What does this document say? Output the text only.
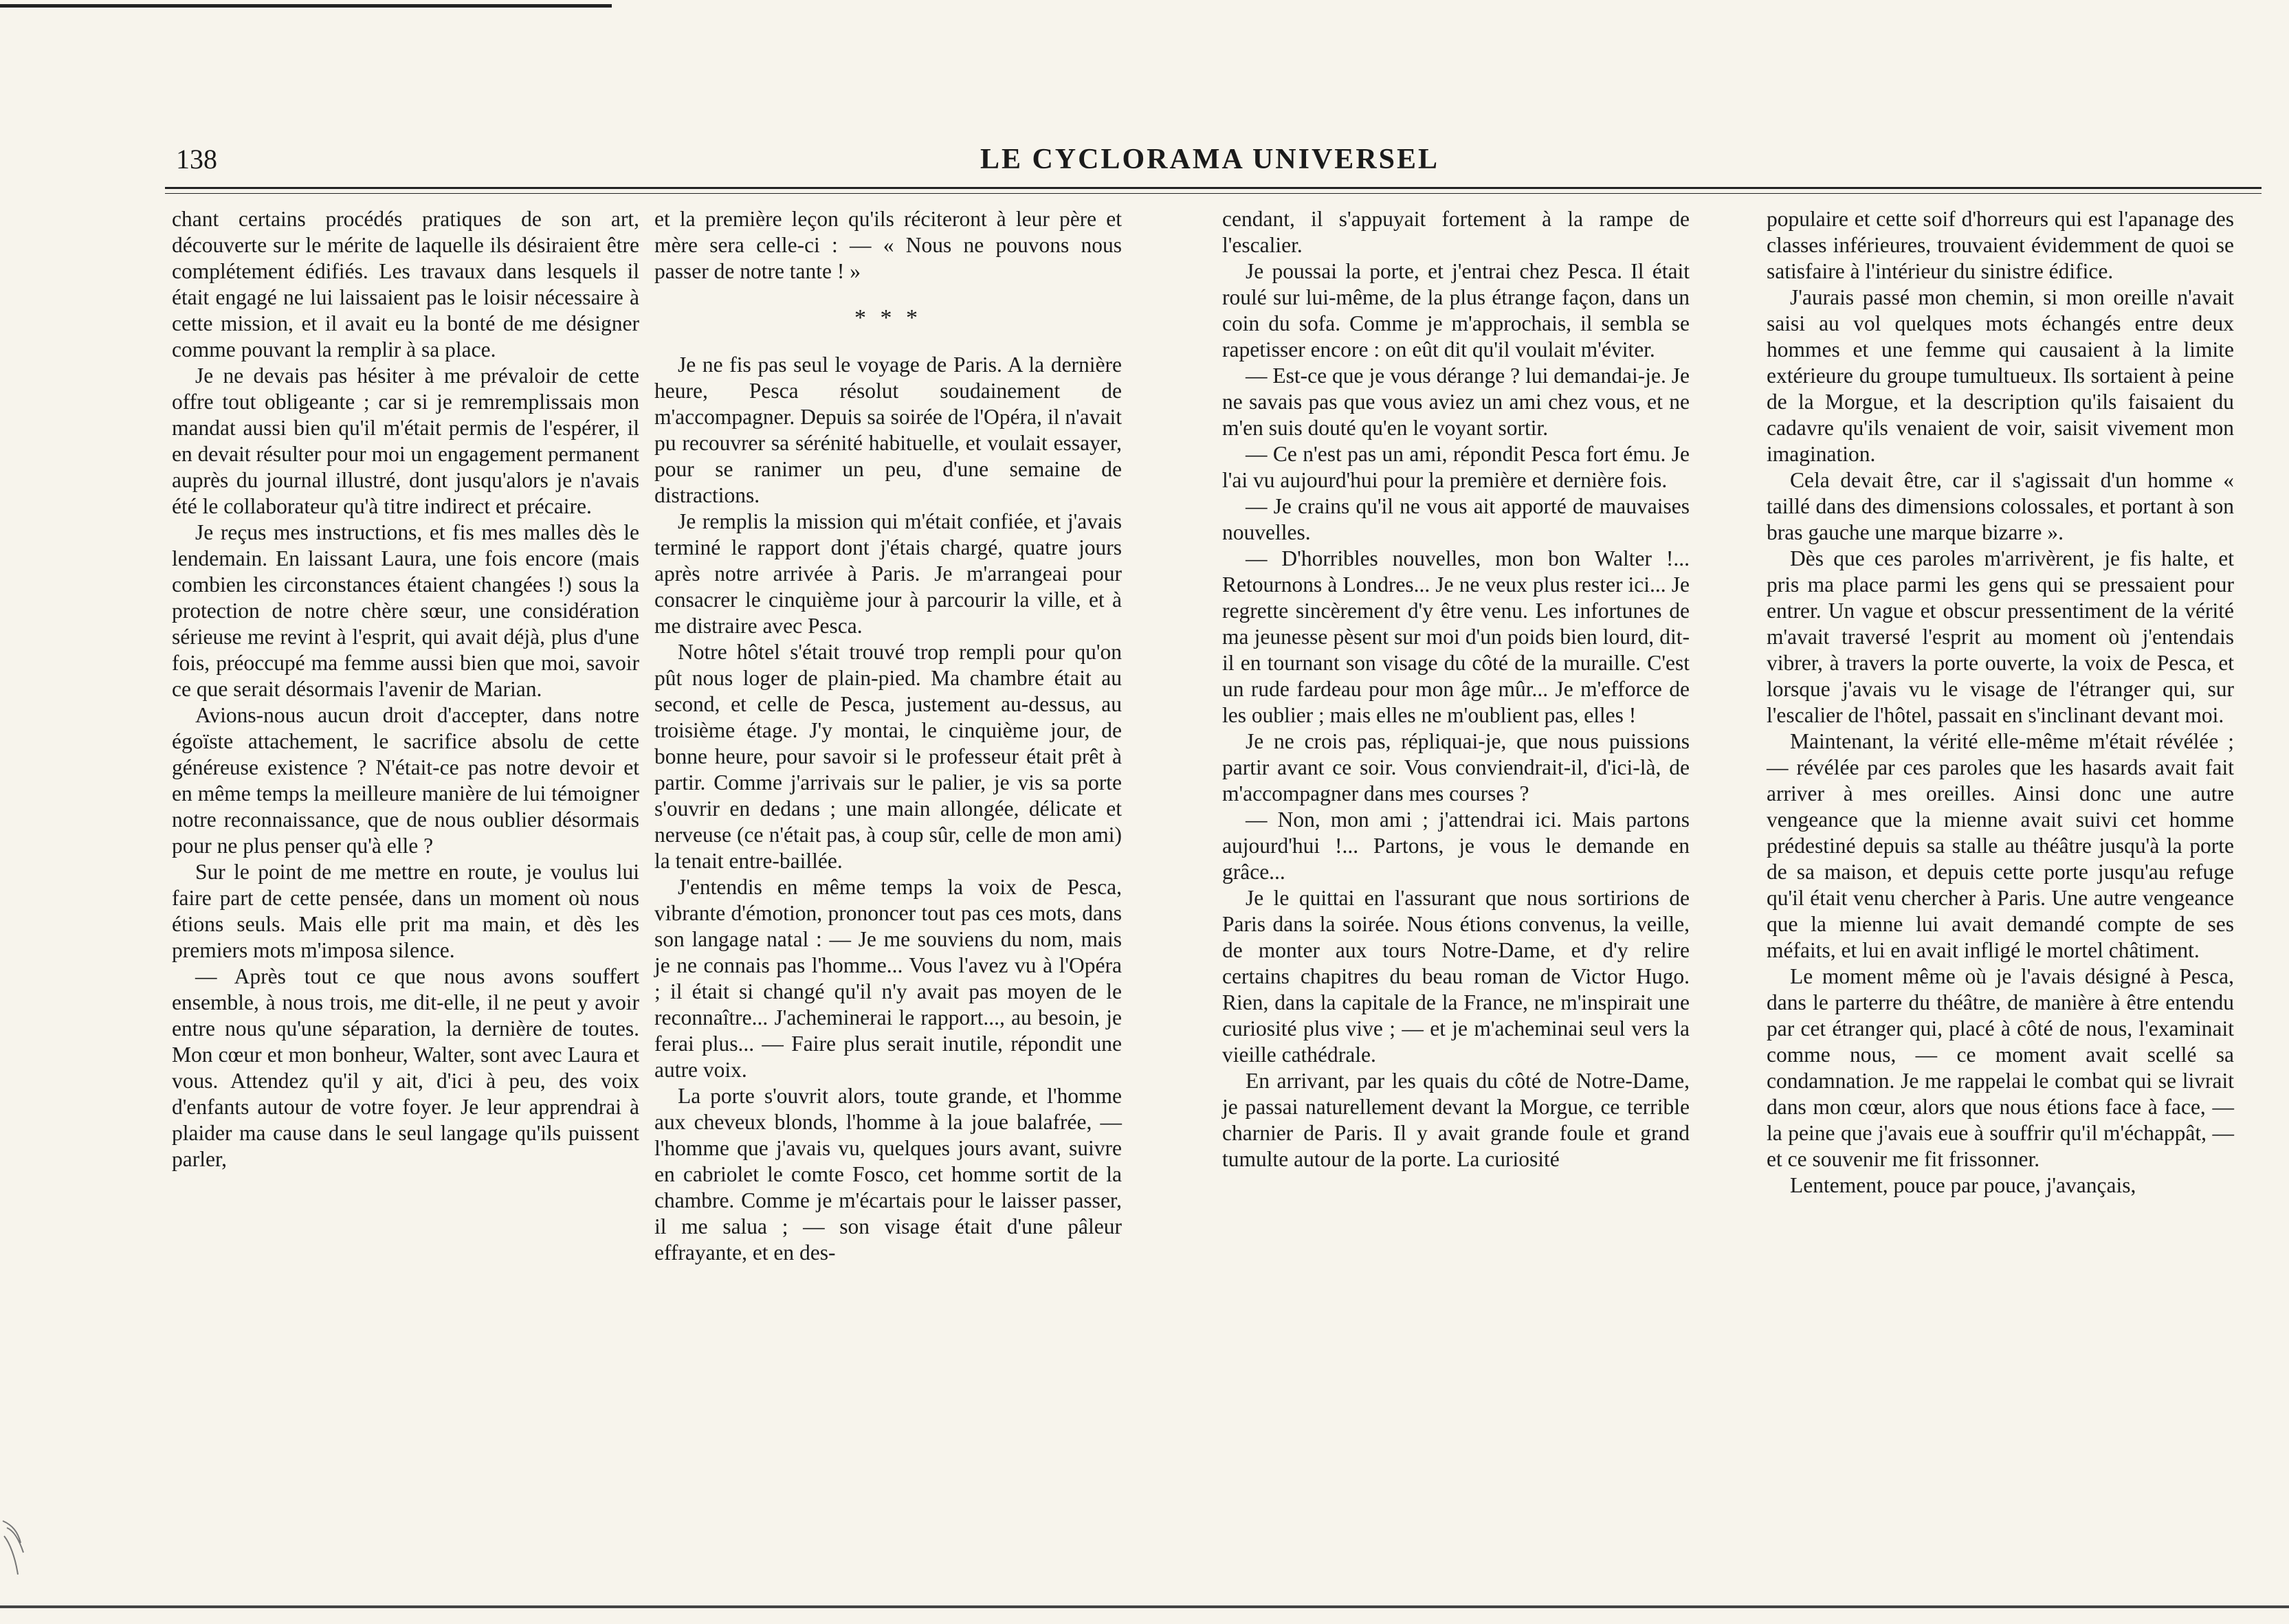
138	LE CYCLORAMA UNIVERSEL

chant certains procédés pratiques de son art, découverte sur le mérite de laquelle ils désiraient être complétement édifiés. Les travaux dans lesquels il était engagé ne lui laissaient pas le loisir nécessaire à cette mission, et il avait eu la bonté de me désigner comme pouvant la remplir à sa place.

Je ne devais pas hésiter à me prévaloir de cette offre tout obligeante ; car si je remremplissais mon mandat aussi bien qu'il m'était permis de l'espérer, il en devait résulter pour moi un engagement permanent auprès du journal illustré, dont jusqu'alors je n'avais été le collaborateur qu'à titre indirect et précaire.

Je reçus mes instructions, et fis mes malles dès le lendemain. En laissant Laura, une fois encore (mais combien les circonstances étaient changées !) sous la protection de notre chère sœur, une considération sérieuse me revint à l'esprit, qui avait déjà, plus d'une fois, préoccupé ma femme aussi bien que moi, savoir ce que serait désormais l'avenir de Marian.

Avions-nous aucun droit d'accepter, dans notre égoïste attachement, le sacrifice absolu de cette généreuse existence ? N'était-ce pas notre devoir et en même temps la meilleure manière de lui témoigner notre reconnaissance, que de nous oublier désormais pour ne plus penser qu'à elle ?

Sur le point de me mettre en route, je voulus lui faire part de cette pensée, dans un moment où nous étions seuls. Mais elle prit ma main, et dès les premiers mots m'imposa silence.

— Après tout ce que nous avons souffert ensemble, à nous trois, me dit-elle, il ne peut y avoir entre nous qu'une séparation, la dernière de toutes. Mon cœur et mon bonheur, Walter, sont avec Laura et vous. Attendez qu'il y ait, d'ici à peu, des voix d'enfants autour de votre foyer. Je leur apprendrai à plaider ma cause dans le seul langage qu'ils puissent parler,

et la première leçon qu'ils réciteront à leur père et mère sera celle-ci : — « Nous ne pouvons nous passer de notre tante ! »

* * *

Je ne fis pas seul le voyage de Paris. A la dernière heure, Pesca résolut soudainement de m'accompagner. Depuis sa soirée de l'Opéra, il n'avait pu recouvrer sa sérénité habituelle, et voulait essayer, pour se ranimer un peu, d'une semaine de distractions.

Je remplis la mission qui m'était confiée, et j'avais terminé le rapport dont j'étais chargé, quatre jours après notre arrivée à Paris. Je m'arrangeai pour consacrer le cinquième jour à parcourir la ville, et à me distraire avec Pesca.

Notre hôtel s'était trouvé trop rempli pour qu'on pût nous loger de plain-pied. Ma chambre était au second, et celle de Pesca, justement au-dessus, au troisième étage. J'y montai, le cinquième jour, de bonne heure, pour savoir si le professeur était prêt à partir. Comme j'arrivais sur le palier, je vis sa porte s'ouvrir en dedans ; une main allongée, délicate et nerveuse (ce n'était pas, à coup sûr, celle de mon ami) la tenait entre-baillée.

J'entendis en même temps la voix de Pesca, vibrante d'émotion, prononcer tout pas ces mots, dans son langage natal : — Je me souviens du nom, mais je ne connais pas l'homme... Vous l'avez vu à l'Opéra ; il était si changé qu'il n'y avait pas moyen de le reconnaître... J'acheminerai le rapport..., au besoin, je ferai plus... — Faire plus serait inutile, répondit une autre voix.

La porte s'ouvrit alors, toute grande, et l'homme aux cheveux blonds, l'homme à la joue balafrée, — l'homme que j'avais vu, quelques jours avant, suivre en cabriolet le comte Fosco, cet homme sortit de la chambre. Comme je m'écartais pour le laisser passer, il me salua ; — son visage était d'une pâleur effrayante, et en des-

cendant, il s'appuyait fortement à la rampe de l'escalier.

Je poussai la porte, et j'entrai chez Pesca. Il était roulé sur lui-même, de la plus étrange façon, dans un coin du sofa. Comme je m'approchais, il sembla se rapetisser encore : on eût dit qu'il voulait m'éviter.

— Est-ce que je vous dérange ? lui demandai-je. Je ne savais pas que vous aviez un ami chez vous, et ne m'en suis douté qu'en le voyant sortir.

— Ce n'est pas un ami, répondit Pesca fort ému. Je l'ai vu aujourd'hui pour la première et dernière fois.

— Je crains qu'il ne vous ait apporté de mauvaises nouvelles.

— D'horribles nouvelles, mon bon Walter !... Retournons à Londres... Je ne veux plus rester ici... Je regrette sincèrement d'y être venu. Les infortunes de ma jeunesse pèsent sur moi d'un poids bien lourd, dit-il en tournant son visage du côté de la muraille. C'est un rude fardeau pour mon âge mûr... Je m'efforce de les oublier ; mais elles ne m'oublient pas, elles !

Je ne crois pas, répliquai-je, que nous puissions partir avant ce soir. Vous conviendrait-il, d'ici-là, de m'accompagner dans mes courses ?

— Non, mon ami ; j'attendrai ici. Mais partons aujourd'hui !... Partons, je vous le demande en grâce...

Je le quittai en l'assurant que nous sortirions de Paris dans la soirée. Nous étions convenus, la veille, de monter aux tours Notre-Dame, et d'y relire certains chapitres du beau roman de Victor Hugo. Rien, dans la capitale de la France, ne m'inspirait une curiosité plus vive ; — et je m'acheminai seul vers la vieille cathédrale.

En arrivant, par les quais du côté de Notre-Dame, je passai naturellement devant la Morgue, ce terrible charnier de Paris. Il y avait grande foule et grand tumulte autour de la porte. La curiosité

populaire et cette soif d'horreurs qui est l'apanage des classes inférieures, trouvaient évidemment de quoi se satisfaire à l'intérieur du sinistre édifice.

J'aurais passé mon chemin, si mon oreille n'avait saisi au vol quelques mots échangés entre deux hommes et une femme qui causaient à la limite extérieure du groupe tumultueux. Ils sortaient à peine de la Morgue, et la description qu'ils faisaient du cadavre qu'ils venaient de voir, saisit vivement mon imagination.

Cela devait être, car il s'agissait d'un homme « taillé dans des dimensions colossales, et portant à son bras gauche une marque bizarre ».

Dès que ces paroles m'arrivèrent, je fis halte, et pris ma place parmi les gens qui se pressaient pour entrer. Un vague et obscur pressentiment de la vérité m'avait traversé l'esprit au moment où j'entendais vibrer, à travers la porte ouverte, la voix de Pesca, et lorsque j'avais vu le visage de l'étranger qui, sur l'escalier de l'hôtel, passait en s'inclinant devant moi.

Maintenant, la vérité elle-même m'était révélée ; — révélée par ces paroles que les hasards avait fait arriver à mes oreilles. Ainsi donc une autre vengeance que la mienne avait suivi cet homme prédestiné depuis sa stalle au théâtre jusqu'à la porte de sa maison, et depuis cette porte jusqu'au refuge qu'il était venu chercher à Paris. Une autre vengeance que la mienne lui avait demandé compte de ses méfaits, et lui en avait infligé le mortel châtiment.

Le moment même où je l'avais désigné à Pesca, dans le parterre du théâtre, de manière à être entendu par cet étranger qui, placé à côté de nous, l'examinait comme nous, — ce moment avait scellé sa condamnation. Je me rappelai le combat qui se livrait dans mon cœur, alors que nous étions face à face, — la peine que j'avais eue à souffrir qu'il m'échappât, — et ce souvenir me fit frissonner.

Lentement, pouce par pouce, j'avançais,
